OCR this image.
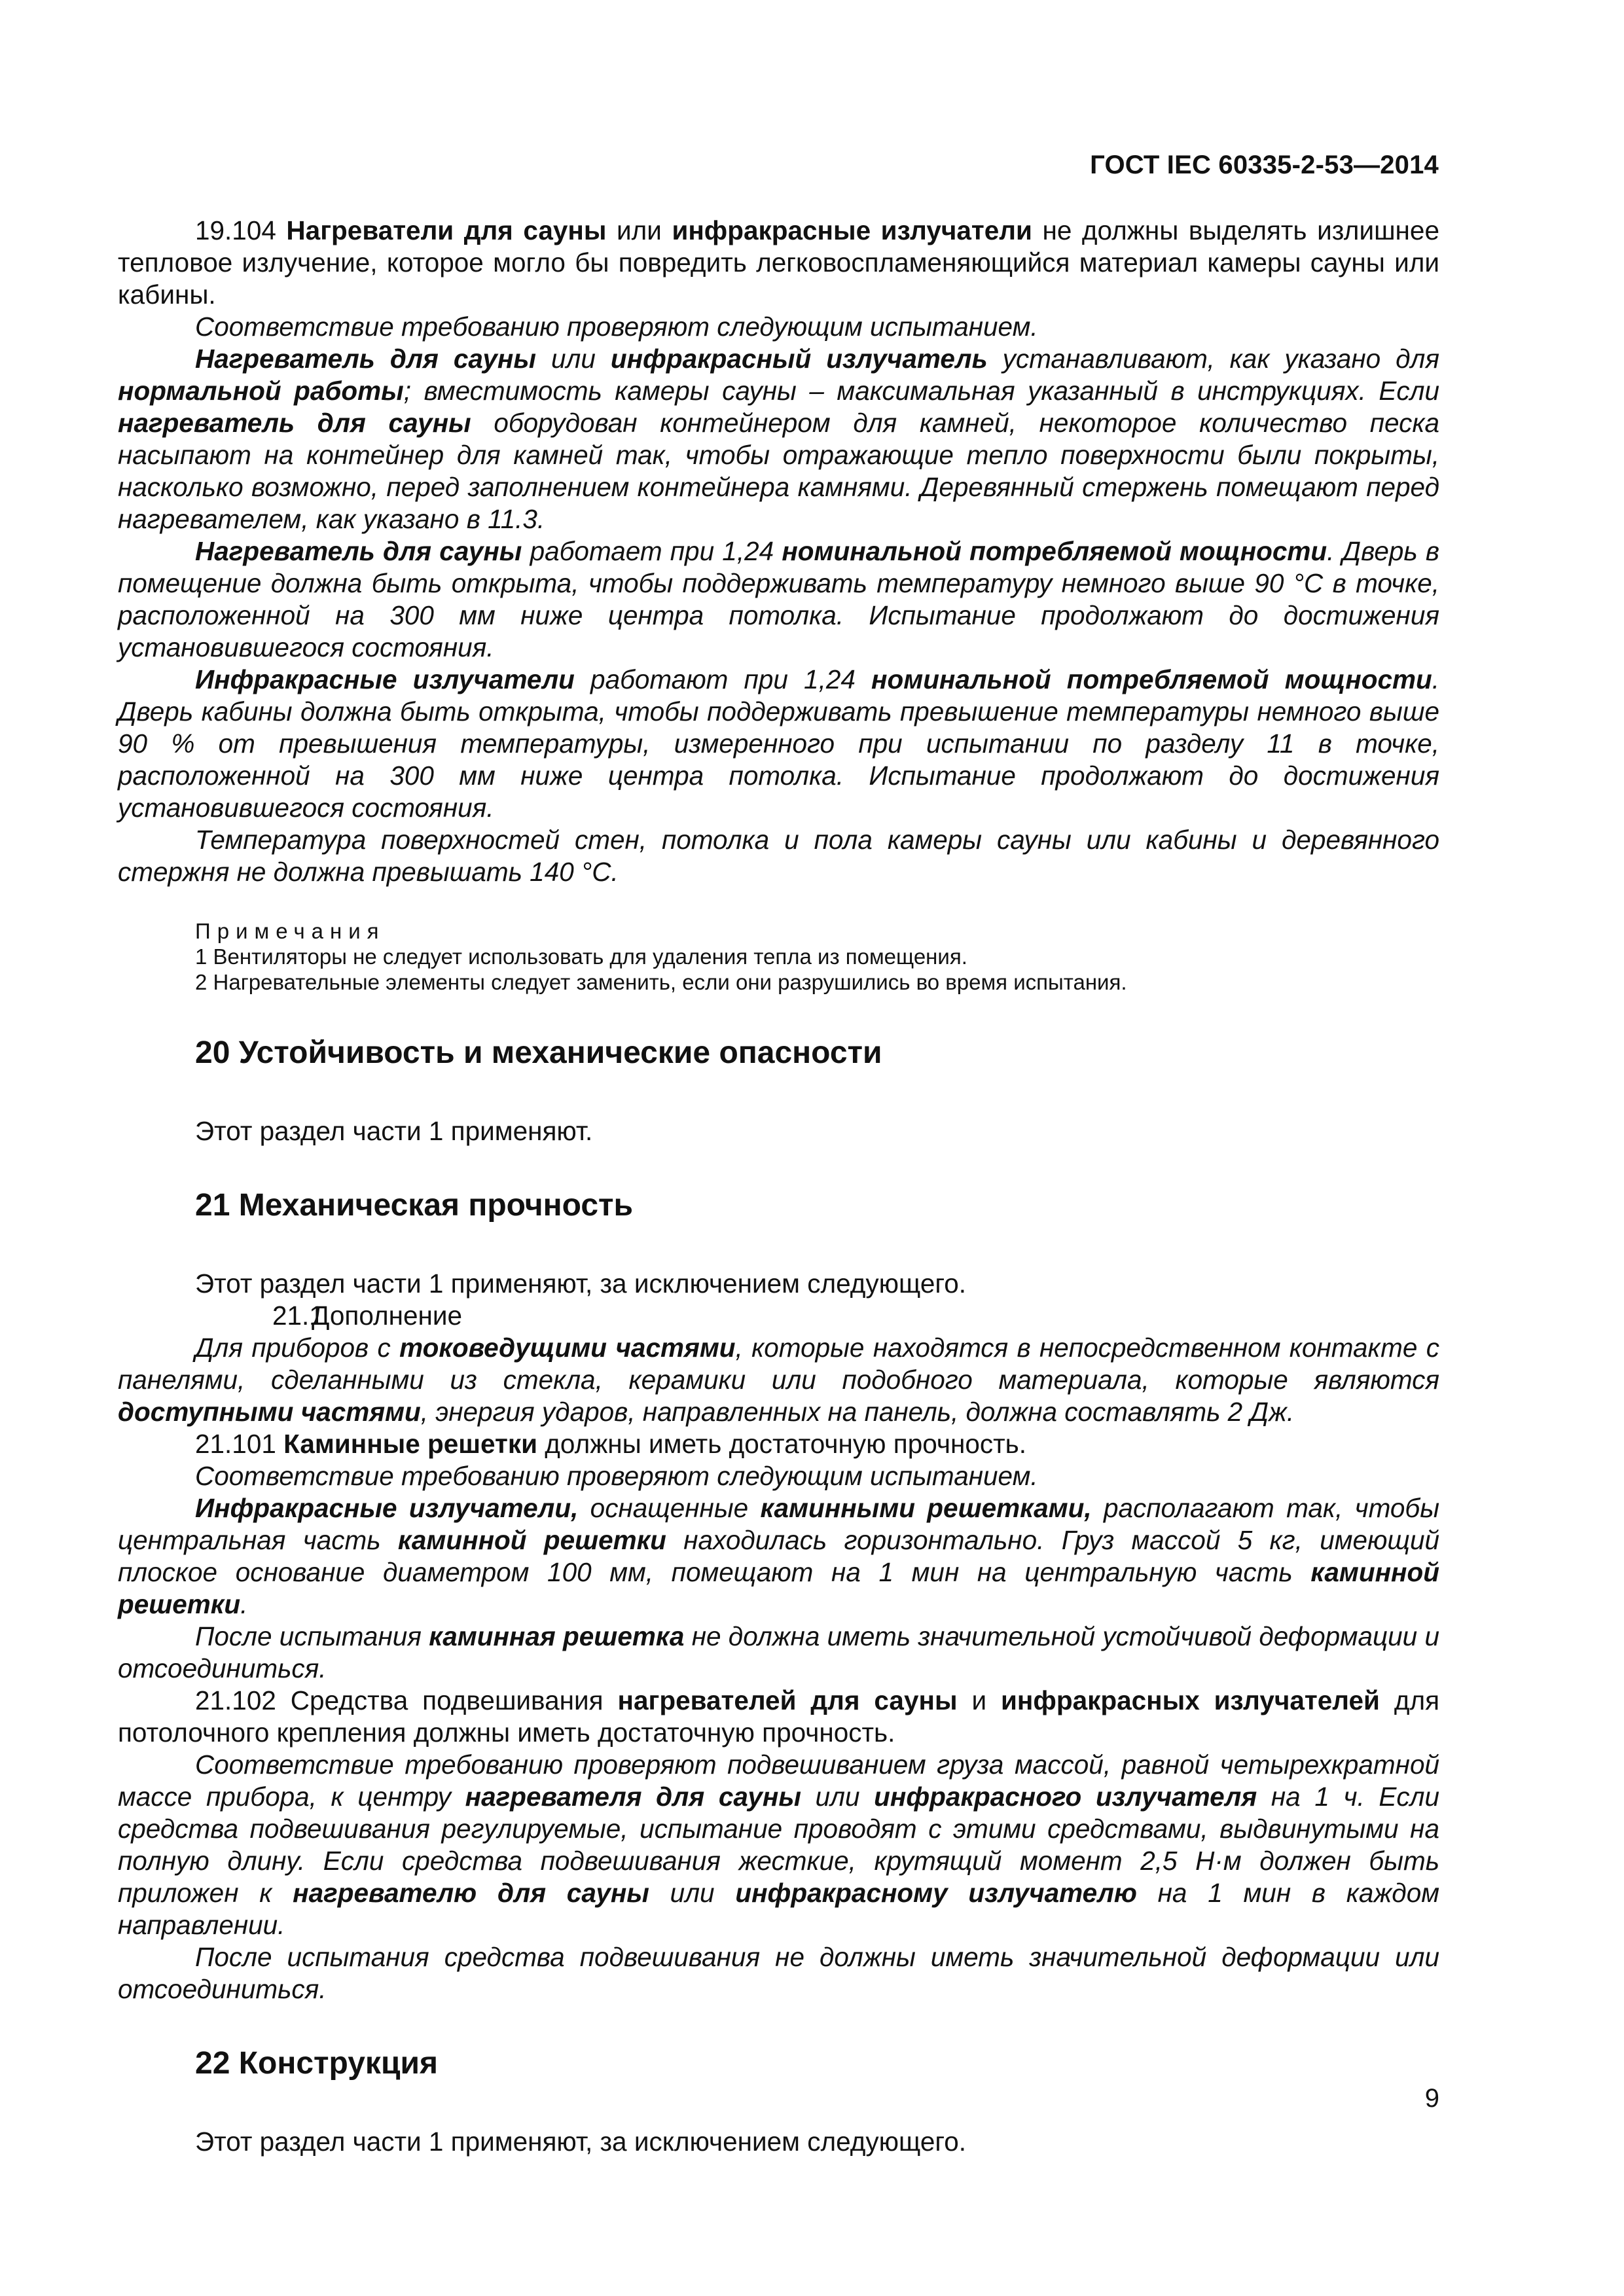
ГОСТ IEC 60335-2-53—2014

19.104 Нагреватели для сауны или инфракрасные излучатели не должны выделять излишнее тепловое излучение, которое могло бы повредить легковоспламеняющийся материал камеры сауны или кабины.

Соответствие требованию проверяют следующим испытанием.

Нагреватель для сауны или инфракрасный излучатель устанавливают, как указано для нормальной работы; вместимость камеры сауны – максимальная указанный в инструкциях. Если нагреватель для сауны оборудован контейнером для камней, некоторое количество песка насыпают на контейнер для камней так, чтобы отражающие тепло поверхности были покрыты, насколько возможно, перед заполнением контейнера камнями. Деревянный стержень помещают перед нагревателем, как указано в 11.3.

Нагреватель для сауны работает при 1,24 номинальной потребляемой мощности. Дверь в помещение должна быть открыта, чтобы поддерживать температуру немного выше 90 °С в точке, расположенной на 300 мм ниже центра потолка. Испытание продолжают до достижения установившегося состояния.

Инфракрасные излучатели работают при 1,24 номинальной потребляемой мощности. Дверь кабины должна быть открыта, чтобы поддерживать превышение температуры немного выше 90 % от превышения температуры, измеренного при испытании по разделу 11 в точке, расположенной на 300 мм ниже центра потолка. Испытание продолжают до достижения установившегося состояния.

Температура поверхностей стен, потолка и пола камеры сауны или кабины и деревянного стержня не должна превышать 140 °С.

Примечания
1 Вентиляторы не следует использовать для удаления тепла из помещения.
2 Нагревательные элементы следует заменить, если они разрушились во время испытания.
20 Устойчивость и механические опасности

Этот раздел части 1 применяют.

21 Механическая прочность

Этот раздел части 1 применяют, за исключением следующего.

21.1Дополнение

Для приборов с токоведущими частями, которые находятся в непосредственном контакте с панелями, сделанными из стекла, керамики или подобного материала, которые являются доступными частями, энергия ударов, направленных на панель, должна составлять 2 Дж.

21.101 Каминные решетки должны иметь достаточную прочность.

Соответствие требованию проверяют следующим испытанием.

Инфракрасные излучатели, оснащенные каминными решетками, располагают так, чтобы центральная часть каминной решетки находилась горизонтально. Груз массой 5 кг, имеющий плоское основание диаметром 100 мм, помещают на 1 мин на центральную часть каминной решетки.

После испытания каминная решетка не должна иметь значительной устойчивой деформации и отсоединиться.

21.102 Средства подвешивания нагревателей для сауны и инфракрасных излучателей для потолочного крепления должны иметь достаточную прочность.

Соответствие требованию проверяют подвешиванием груза массой, равной четырехкратной массе прибора, к центру нагревателя для сауны или инфракрасного излучателя на 1 ч. Если средства подвешивания регулируемые, испытание проводят с этими средствами, выдвинутыми на полную длину. Если средства подвешивания жесткие, крутящий момент 2,5 Н·м должен быть приложен к нагревателю для сауны или инфракрасному излучателю на 1 мин в каждом направлении.

После испытания средства подвешивания не должны иметь значительной деформации или отсоединиться.

22 Конструкция

Этот раздел части 1 применяют, за исключением следующего.

9
